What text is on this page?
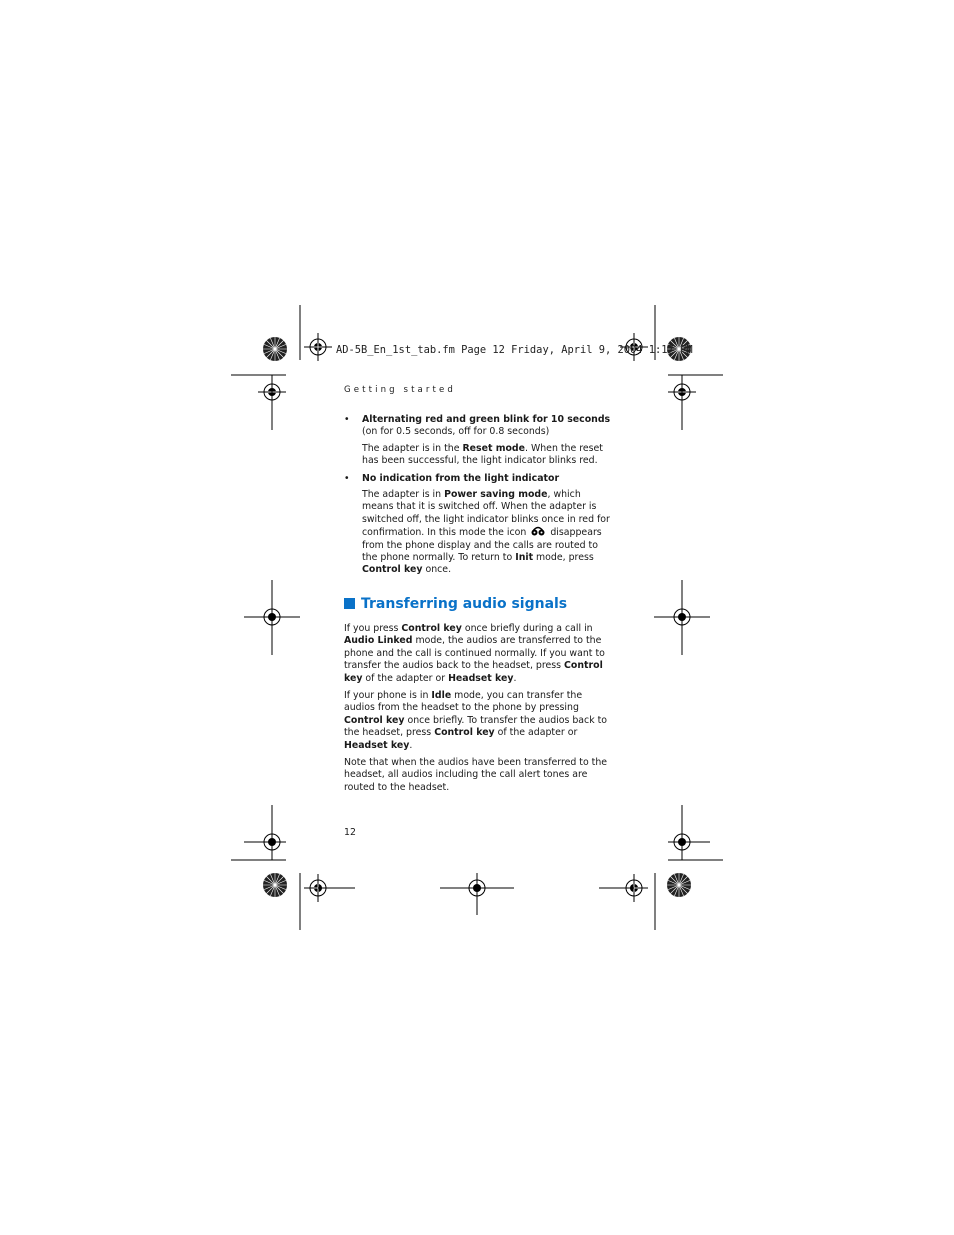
AD-5B_En_1st_tab.fm Page 12 Friday, April 9, 2004 1:17 PM
Getting started
• Alternating red and green blink for 10 seconds (on for 0.5 seconds, off for 0.8 seconds)
The adapter is in the Reset mode. When the reset has been successful, the light indicator blinks red.
• No indication from the light indicator
The adapter is in Power saving mode, which means that it is switched off. When the adapter is switched off, the light indicator blinks once in red for confirmation. In this mode the icon  disappears from the phone display and the calls are routed to the phone normally. To return to Init mode, press Control key once.
Transferring audio signals

If you press Control key once briefly during a call in Audio Linked mode, the audios are transferred to the phone and the call is continued normally. If you want to transfer the audios back to the headset, press Control key of the adapter or Headset key.

If your phone is in Idle mode, you can transfer the audios from the headset to the phone by pressing Control key once briefly. To transfer the audios back to the headset, press Control key of the adapter or Headset key.

Note that when the audios have been transferred to the headset, all audios including the call alert tones are routed to the headset.

12
